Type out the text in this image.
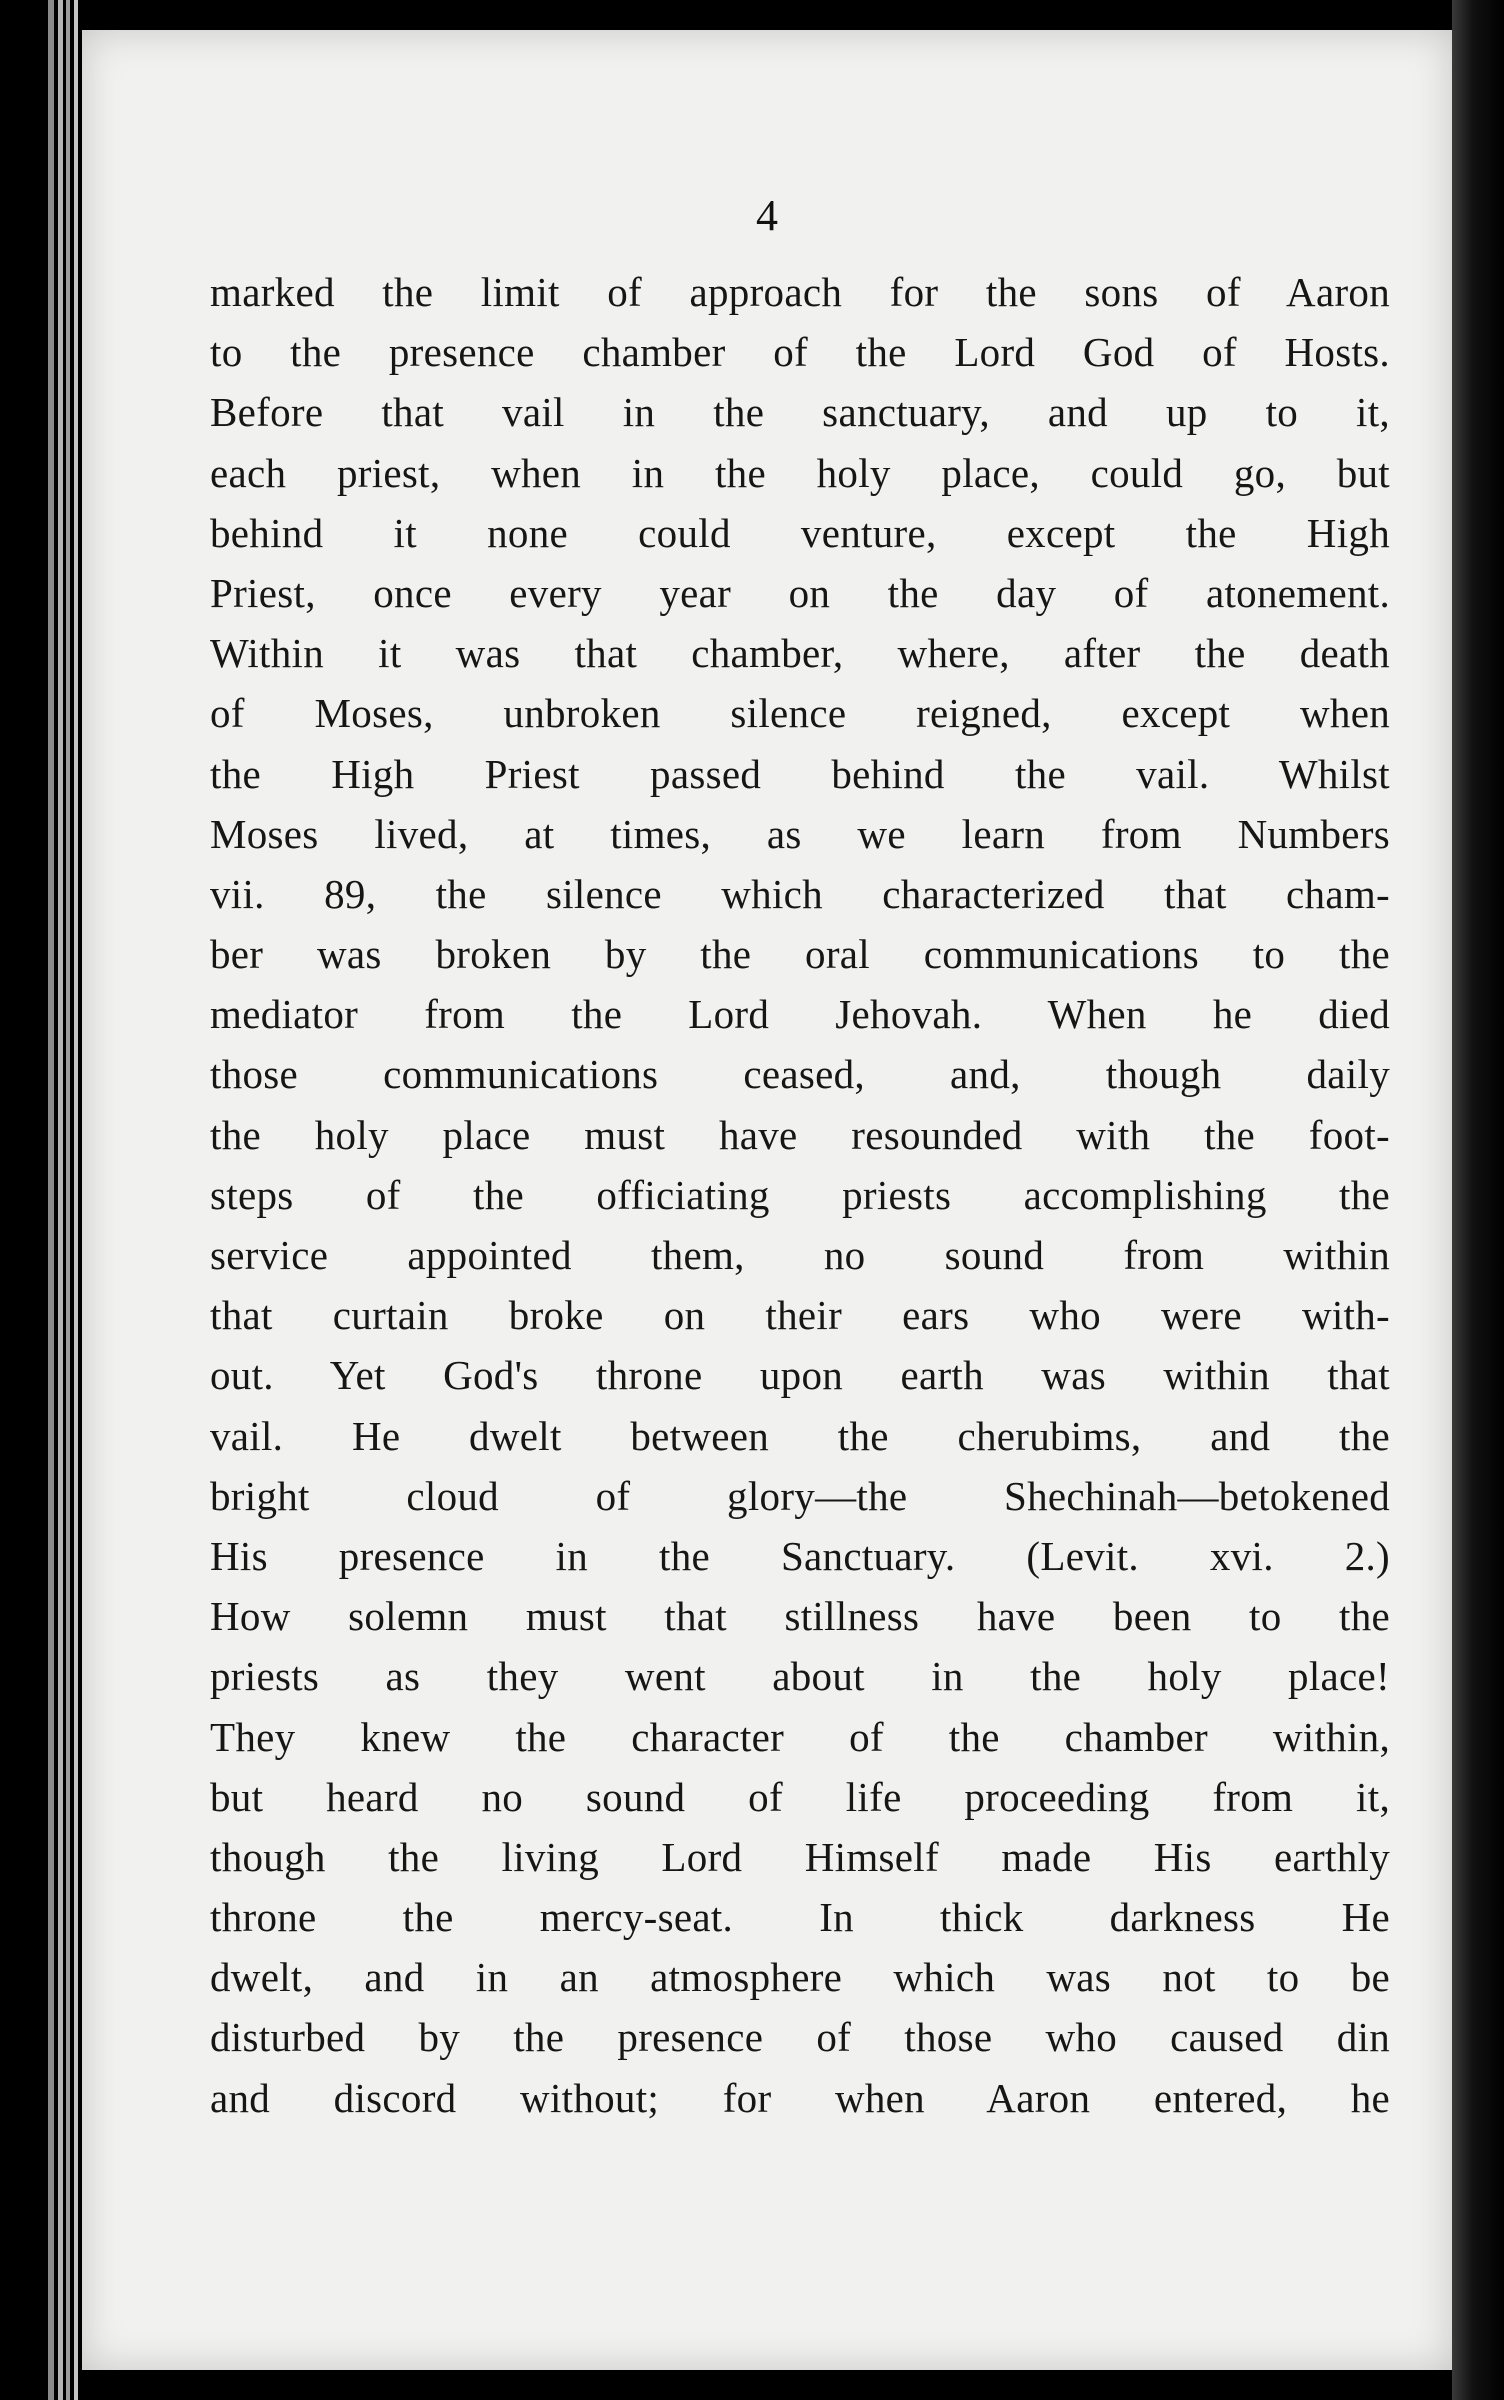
4

marked the limit of approach for the sons of Aaron
to the presence chamber of the Lord God of Hosts.
Before that vail in the sanctuary, and up to it,
each priest, when in the holy place, could go, but
behind it none could venture, except the High
Priest, once every year on the day of atonement.
Within it was that chamber, where, after the death
of Moses, unbroken silence reigned, except when
the High Priest passed behind the vail. Whilst
Moses lived, at times, as we learn from Numbers
vii. 89, the silence which characterized that cham-
ber was broken by the oral communications to the
mediator from the Lord Jehovah. When he died
those communications ceased, and, though daily
the holy place must have resounded with the foot-
steps of the officiating priests accomplishing the
service appointed them, no sound from within
that curtain broke on their ears who were with-
out. Yet God's throne upon earth was within that
vail. He dwelt between the cherubims, and the
bright cloud of glory—the Shechinah—betokened
His presence in the Sanctuary. (Levit. xvi. 2.)
How solemn must that stillness have been to the
priests as they went about in the holy place!
They knew the character of the chamber within,
but heard no sound of life proceeding from it,
though the living Lord Himself made His earthly
throne the mercy-seat. In thick darkness He
dwelt, and in an atmosphere which was not to be
disturbed by the presence of those who caused din
and discord without; for when Aaron entered, he
